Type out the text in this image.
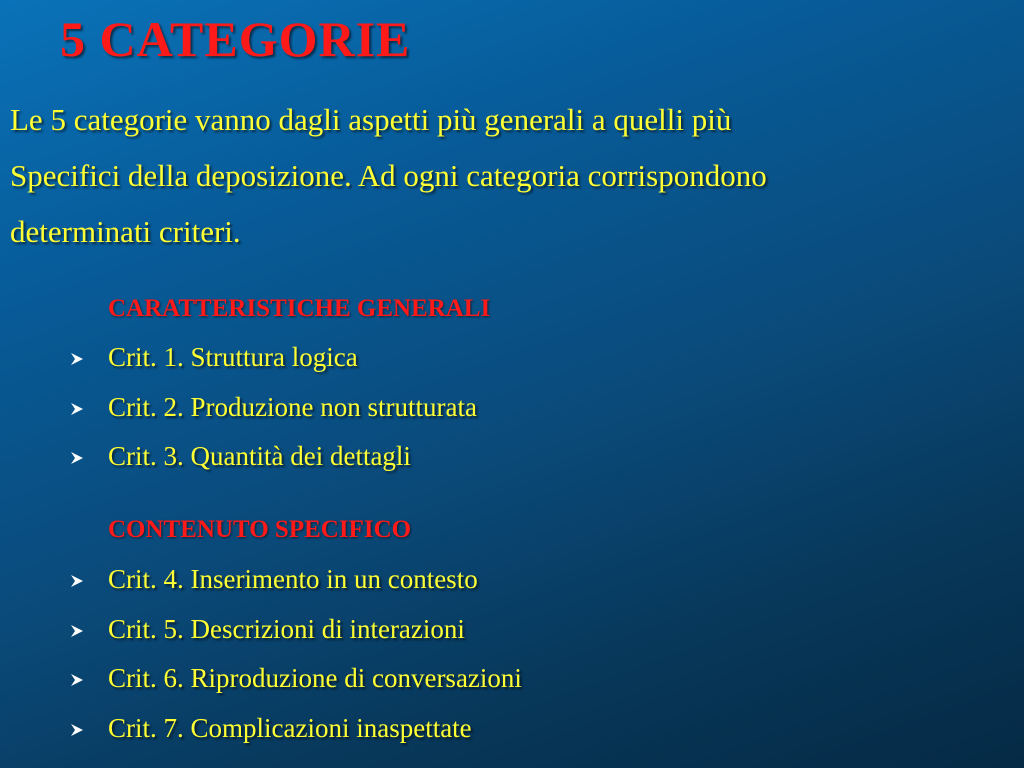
5 CATEGORIE

Le 5 categorie vanno dagli aspetti più generali a quelli più
Specifici della deposizione. Ad ogni categoria corrispondono
determinati criteri.

CARATTERISTICHE GENERALI
Crit. 1. Struttura logica
Crit. 2. Produzione non strutturata
Crit. 3. Quantità dei dettagli
CONTENUTO SPECIFICO
Crit. 4. Inserimento in un contesto
Crit. 5. Descrizioni di interazioni
Crit. 6. Riproduzione di conversazioni
Crit. 7. Complicazioni inaspettate
